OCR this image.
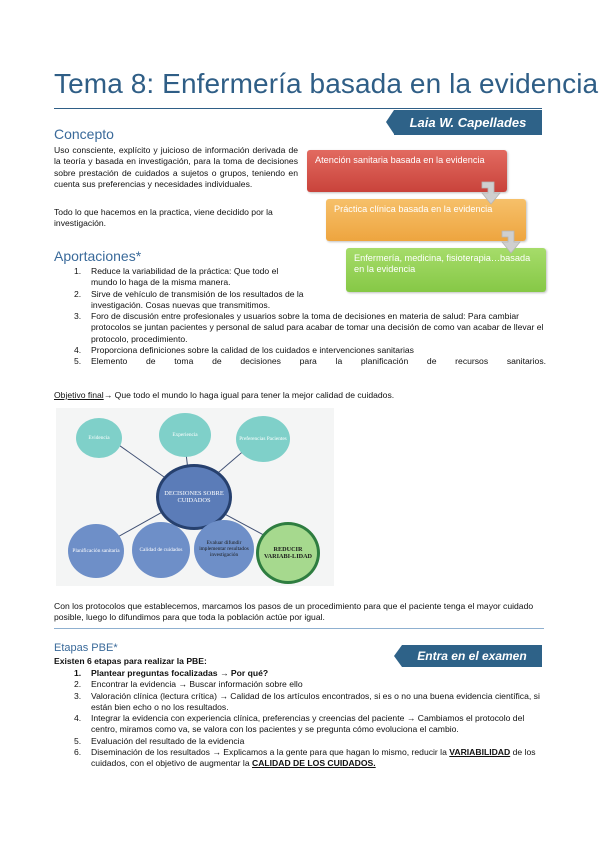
Tema 8: Enfermería basada en la evidencia
Laia W. Capellades
Concepto
Uso consciente, explícito y juicioso de información derivada de la teoría y basada en investigación, para la toma de decisiones sobre prestación de cuidados a sujetos o grupos, teniendo en cuenta sus preferencias y necesidades individuales.
Todo lo que hacemos en la practica, viene decidido por la investigación.
Atención sanitaria basada en la evidencia
Práctica clínica basada en la evidencia
Enfermería, medicina, fisioterapia…basada en la evidencia
Aportaciones*
1. Reduce la variabilidad de la práctica: Que todo el mundo lo haga de la misma manera.
2. Sirve de vehículo de transmisión de los resultados de la investigación. Cosas nuevas que transmitimos.
3. Foro de discusión entre profesionales y usuarios sobre la toma de decisiones en materia de salud: Para cambiar protocolos se juntan pacientes y personal de salud para acabar de tomar una decisión de como van acabar de llevar el protocolo, procedimiento.
4. Proporciona definiciones sobre la calidad de los cuidados e intervenciones sanitarias
5. Elemento de toma de decisiones para la planificación de recursos sanitarios.
Objetivo final→ Que todo el mundo lo haga igual para tener la mejor calidad de cuidados.
Evidencia	Experiencia
Preferencias Pacientes
DECISIONES SOBRE CUIDADOS
Planificación sanitaria	Calidad de cuidados
Evaluar difundir implementar resultados investigación
REDUCIR VARIABI-LIDAD
Con los protocolos que establecemos, marcamos los pasos de un procedimiento para que el paciente tenga el mayor cuidado posible, luego lo difundimos para que toda la población actúe por igual.
Etapas PBE*
Entra en el examen
Existen 6 etapas para realizar la PBE:
1. Plantear preguntas focalizadas → Por qué?
2. Encontrar la evidencia → Buscar información sobre ello
3. Valoración clínica (lectura crítica) → Calidad de los artículos encontrados, si es o no una buena evidencia científica, si están bien echo o no los resultados.
4. Integrar la evidencia con experiencia clínica, preferencias y creencias del paciente → Cambiamos el protocolo del centro, miramos como va, se valora con los pacientes y se pregunta cómo evoluciona el cambio.
5. Evaluación del resultado de la evidencia
6. Diseminación de los resultados → Explicamos a la gente para que hagan lo mismo, reducir la VARIABILIDAD de los cuidados, con el objetivo de augmentar la CALIDAD DE LOS CUIDADOS.
